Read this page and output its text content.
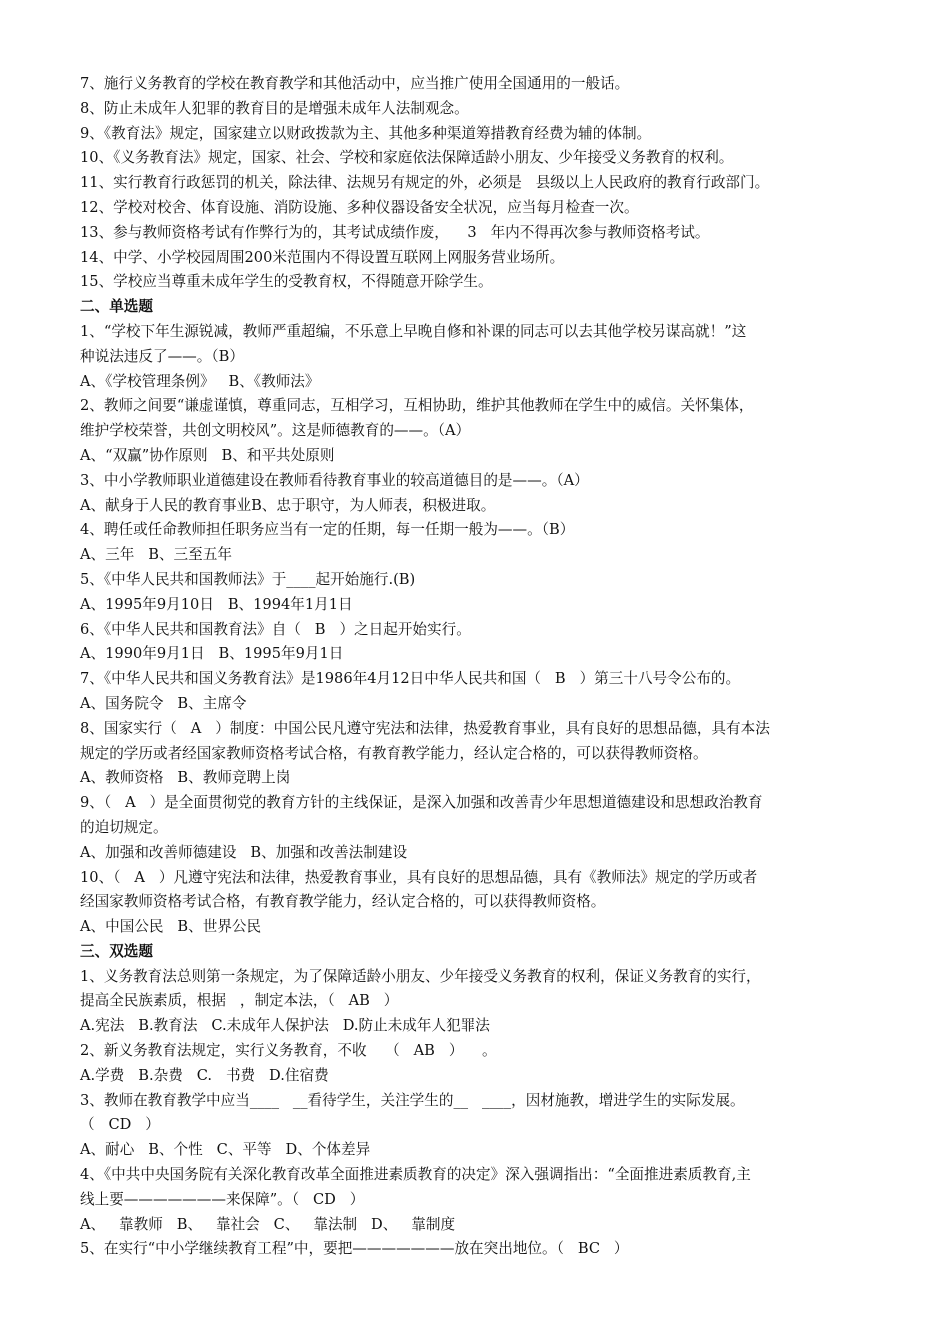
7、施行义务教育的学校在教育教学和其他活动中，应当推广使用全国通用的一般话。
8、防止未成年人犯罪的教育目的是增强未成年人法制观念。
9、《教育法》规定，国家建立以财政拨款为主、其他多种渠道筹措教育经费为辅的体制。
10、《义务教育法》规定，国家、社会、学校和家庭依法保障适龄小朋友、少年接受义务教育的权利。
11、实行教育行政惩罚的机关，除法律、法规另有规定的外，必须是   县级以上人民政府的教育行政部门。
12、学校对校舍、体育设施、消防设施、多种仪器设备安全状况，应当每月检查一次。
13、参与教师资格考试有作弊行为的，其考试成绩作废，    3   年内不得再次参与教师资格考试。
14、中学、小学校园周围200米范围内不得设置互联网上网服务营业场所。
15、学校应当尊重未成年学生的受教育权，不得随意开除学生。
二、单选题
1、“学校下年生源锐减，教师严重超编，不乐意上早晚自修和补课的同志可以去其他学校另谋高就！”这
种说法违反了——。（B）
A、《学校管理条例》   B、《教师法》
2、教师之间要“谦虚谨慎，尊重同志，互相学习，互相协助，维护其他教师在学生中的威信。关怀集体，
维护学校荣誉，共创文明校风”。这是师德教育的——。（A）
A、“双赢”协作原则   B、和平共处原则
3、中小学教师职业道德建设在教师看待教育事业的较高道德目的是——。（A）
A、献身于人民的教育事业B、忠于职守，为人师表，积极进取。
4、聘任或任命教师担任职务应当有一定的任期，每一任期一般为——。（B）
A、三年   B、三至五年
5、《中华人民共和国教师法》于____起开始施行.(B)
A、1995年9月10日   B、1994年1月1日
6、《中华人民共和国教育法》自（   B   ）之日起开始实行。
A、1990年9月1日   B、1995年9月1日
7、《中华人民共和国义务教育法》是1986年4月12日中华人民共和国（   B   ）第三十八号令公布的。
A、国务院令   B、主席令
8、国家实行（   A   ）制度：中国公民凡遵守宪法和法律，热爱教育事业，具有良好的思想品德，具有本法
规定的学历或者经国家教师资格考试合格，有教育教学能力，经认定合格的，可以获得教师资格。
A、教师资格   B、教师竞聘上岗
9、（   A   ）是全面贯彻党的教育方针的主线保证，是深入加强和改善青少年思想道德建设和思想政治教育
的迫切规定。
A、加强和改善师德建设   B、加强和改善法制建设
10、（   A   ）凡遵守宪法和法律，热爱教育事业，具有良好的思想品德，具有《教师法》规定的学历或者
经国家教师资格考试合格，有教育教学能力，经认定合格的，可以获得教师资格。
A、中国公民   B、世界公民
三、双选题
1、义务教育法总则第一条规定，为了保障适龄小朋友、少年接受义务教育的权利，保证义务教育的实行，
提高全民族素质，根据   ，制定本法，（   AB   ）
A.宪法   B.教育法   C.未成年人保护法   D.防止未成年人犯罪法
2、新义务教育法规定，实行义务教育，不收    （   AB   ）    。
A.学费   B.杂费   C.   书费   D.住宿费
3、教师在教育教学中应当____   __看待学生，关注学生的__   ____，因材施教，增进学生的实际发展。
（   CD   ）
A、耐心   B、个性   C、平等   D、个体差异
4、《中共中央国务院有关深化教育改革全面推进素质教育的决定》深入强调指出：“全面推进素质教育,主
线上要———————来保障”。（   CD   ）
A、   靠教师   B、   靠社会   C、   靠法制   D、   靠制度
5、在实行“中小学继续教育工程”中，要把———————放在突出地位。（   BC   ）
